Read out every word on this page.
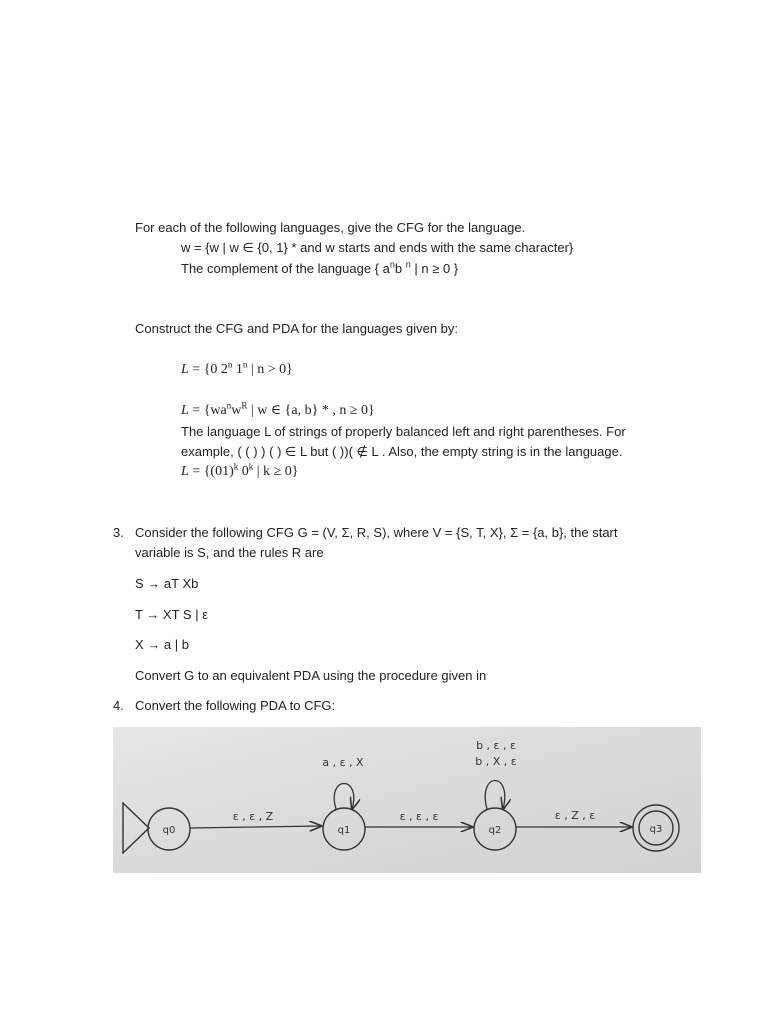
For each of the following languages, give the CFG for the language.
w = {w | w ∈ {0, 1} * and w starts and ends with the same character}
The complement of the language { $a^nb$ $^n$ | n ≥ 0 }
Construct the CFG and PDA for the languages given by:
L = {0 2$^n$ 1$^n$ | n > 0}
$L = \{wa^nw^R$ | w ∈ {a, b} * , n ≥ 0}
The language L of strings of properly balanced left and right parentheses. For
example, ( ( ) ) ( ) ∈ L but ( ))( ∉ L . Also, the empty string is in the language.
$L = \{(01)^k$ 0$^k$ | k ≥ 0}
3. Consider the following CFG G = (V, Σ, R, S), where V = {S, T, X}, Σ = {a, b}, the start
variable is S, and the rules R are
S → aT Xb
T → XT S | ε
X → a | b
Convert G to an equivalent PDA using the procedure given in
4. Convert the following PDA to CFG:
q0	q1	q2	q3
ε , ε , Z	ε , ε , ε	ε , Z , ε
a , ε , X
b , ε , ε
b , X , ε
